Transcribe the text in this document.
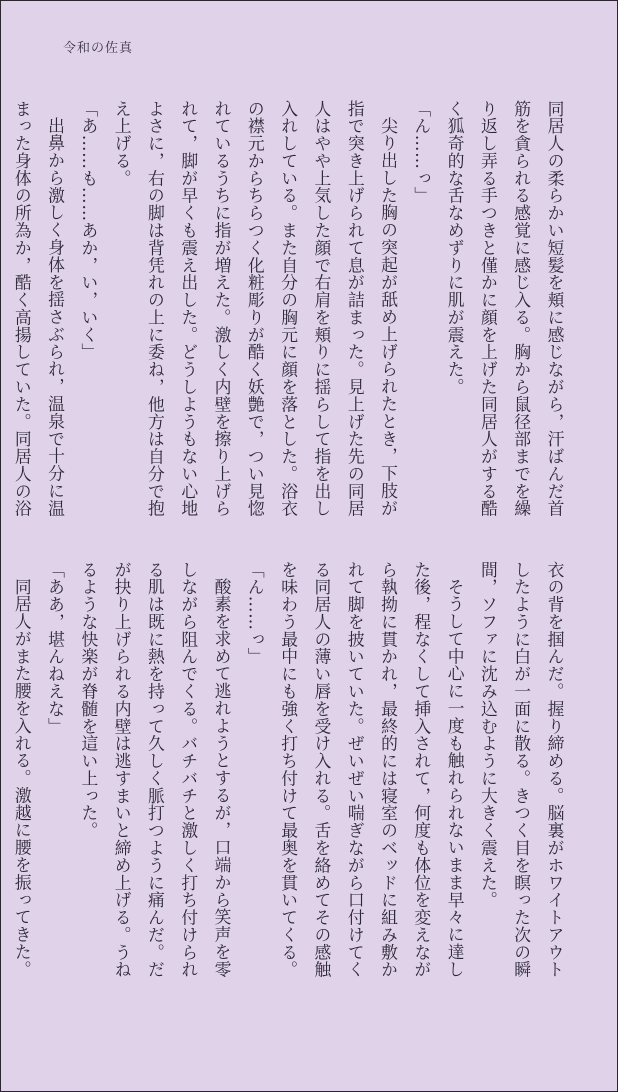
令和の佐真

同居人の柔らかい短髪を頬に感じながら，汗ばんだ首筋を貪られる感覚に感じ入る。胸から鼠径部までを繰り返し弄る手つきと僅かに顔を上げた同居人がする酷く狐奇的な舌なめずりに肌が震えた。

「ん……っ」

尖り出した胸の突起が舐め上げられたとき，下肢が指で突き上げられて息が詰まった。見上げた先の同居人はやや上気した顔で右肩を頬りに揺らして指を出し入れしている。また自分の胸元に顔を落とした。浴衣の襟元からちらつく化粧彫りが酷く妖艶で，つい見惚れているうちに指が増えた。激しく内壁を擦り上げられて，脚が早くも震え出した。どうしようもない心地よさに，右の脚は背凭れの上に委ね，他方は自分で抱え上げる。

「あ……も……あか，い，いく」

出鼻から激しく身体を揺さぶられ，温泉で十分に温まった身体の所為か，酷く高揚していた。同居人の浴

衣の背を掴んだ。握り締める。脳裏がホワイトアウトしたように白が一面に散る。きつく目を瞑った次の瞬間，ソファに沈み込むように大きく震えた。

そうして中心に一度も触れられないまま早々に達した後，程なくして挿入されて，何度も体位を変えながら執拗に貫かれ，最終的には寝室のベッドに組み敷かれて脚を披いていた。ぜいぜい喘ぎながら口付けてくる同居人の薄い唇を受け入れる。舌を絡めてその感触を味わう最中にも強く打ち付けて最奥を貫いてくる。

「ん……っ」

酸素を求めて逃れようとするが，口端から笑声を零しながら阻んでくる。バチバチと激しく打ち付けられる肌は既に熱を持って久しく脈打つように痛んだ。だが抉り上げられる内壁は逃すまいと締め上げる。うねるような快楽が脊髄を這い上った。

「ああ，堪んねえな」

同居人がまた腰を入れる。激越に腰を振ってきた。
